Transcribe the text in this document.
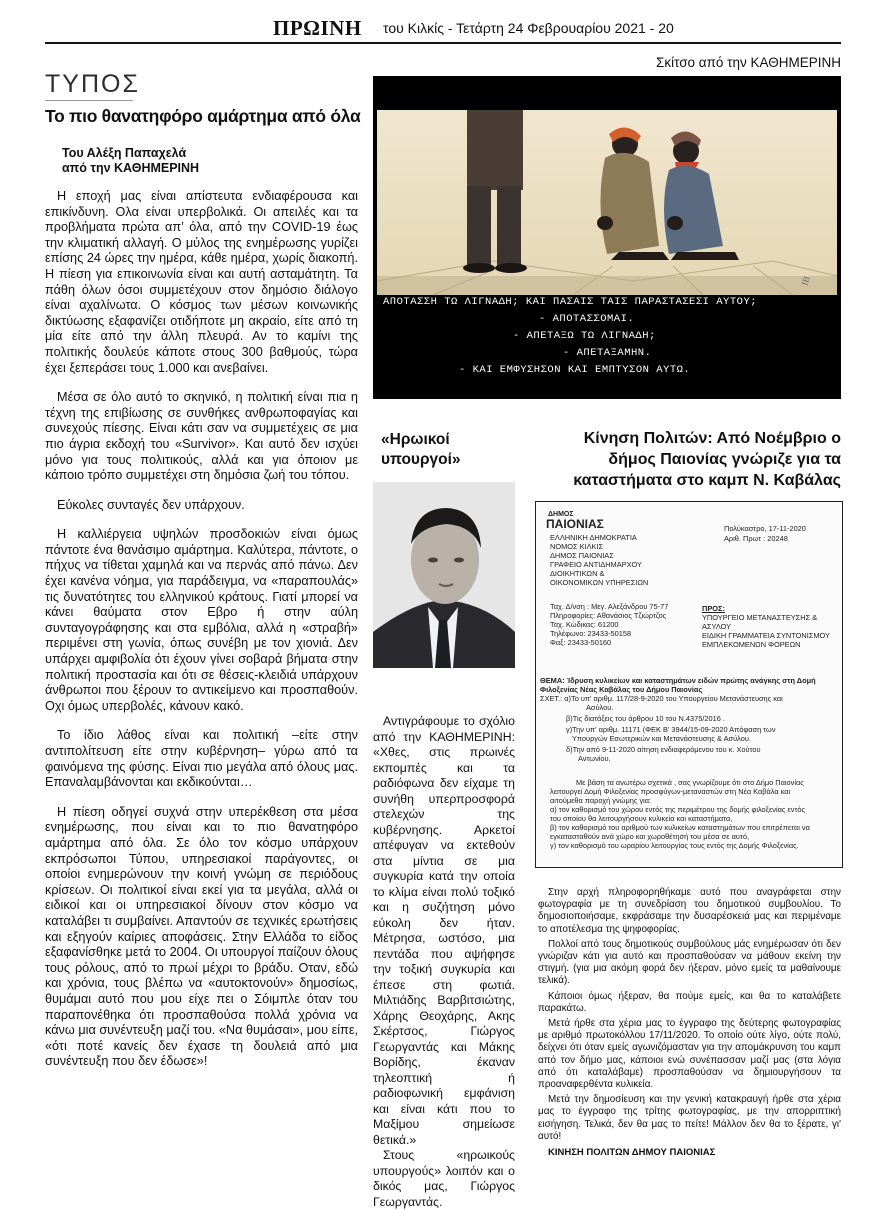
ΠΡΩΙΝΗ του Κιλκίς - Τετάρτη 24 Φεβρουαρίου 2021 - 20
Σκίτσο από την ΚΑΘΗΜΕΡΙΝΗ
ΤΥΠΟΣ
Το πιο θανατηφόρο αμάρτημα από όλα
Του Αλέξη Παπαχελά
από την ΚΑΘΗΜΕΡΙΝΗ

Η εποχή μας είναι απίστευτα ενδιαφέρουσα και επικίνδυνη. Ολα είναι υπερβολικά. Οι απειλές και τα προβλήματα πρώτα απ’ όλα, από την COVID-19 έως την κλιματική αλλαγή. Ο μύλος της ενημέρωσης γυρίζει επίσης 24 ώρες την ημέρα, κάθε ημέρα, χωρίς διακοπή. Η πίεση για επικοινωνία είναι και αυτή ασταμάτητη. Τα πάθη όλων όσοι συμμετέχουν στον δημόσιο διάλογο είναι αχαλίνωτα. Ο κόσμος των μέσων κοινωνικής δικτύωσης εξαφανίζει οτιδήποτε μη ακραίο, είτε από τη μία είτε από την άλλη πλευρά. Αν το καμίνι της πολιτικής δουλεύε κάποτε στους 300 βαθμούς, τώρα έχει ξεπεράσει τους 1.000 και ανεβαίνει.

Μέσα σε όλο αυτό το σκηνικό, η πολιτική είναι πια η τέχνη της επιβίωσης σε συνθήκες ανθρωποφαγίας και συνεχούς πίεσης. Είναι κάτι σαν να συμμετέχεις σε μια πιο άγρια εκδοχή του «Survivor». Και αυτό δεν ισχύει μόνο για τους πολιτικούς, αλλά και για όποιον με κάποιο τρόπο συμμετέχει στη δημόσια ζωή του τόπου.

Εύκολες συνταγές δεν υπάρχουν.

Η καλλιέργεια υψηλών προσδοκιών είναι όμως πάντοτε ένα θανάσιμο αμάρτημα. Καλύτερα, πάντοτε, ο πήχυς να τίθεται χαμηλά και να περνάς από πάνω. Δεν έχει κανένα νόημα, για παράδειγμα, να «παραπουλάς» τις δυνατότητες του ελληνικού κράτους. Γιατί μπορεί να κάνει θαύματα στον Εβρο ή στην αύλη συνταγογράφησης και στα εμβόλια, αλλά η «στραβή» περιμένει στη γωνία, όπως συνέβη με τον χιονιά. Δεν υπάρχει αμφιβολία ότι έχουν γίνει σοβαρά βήματα στην πολιτική προστασία και ότι σε θέσεις-κλειδιά υπάρχουν άνθρωποι που ξέρουν το αντικείμενο και προσπαθούν. Οχι όμως υπερβολές, κάνουν κακό.

Το ίδιο λάθος είναι και πολιτική –είτε στην αντιπολίτευση είτε στην κυβέρνηση– γύρω από τα φαινόμενα της φύσης. Είναι πιο μεγάλα από όλους μας. Επαναλαμβάνονται και εκδικούνται…

Η πίεση οδηγεί συχνά στην υπερέκθεση στα μέσα ενημέρωσης, που είναι και το πιο θανατηφόρο αμάρτημα από όλα. Σε όλο τον κόσμο υπάρχουν εκπρόσωποι Τύπου, υπηρεσιακοί παράγοντες, οι οποίοι ενημερώνουν την κοινή γνώμη σε περιόδους κρίσεων. Οι πολιτικοί είναι εκεί για τα μεγάλα, αλλά οι ειδικοί και οι υπηρεσιακοί δίνουν στον κόσμο να καταλάβει τι συμβαίνει. Απαντούν σε τεχνικές ερωτήσεις και εξηγούν καίριες αποφάσεις. Στην Ελλάδα το είδος εξαφανίσθηκε μετά το 2004. Οι υπουργοί παίζουν όλους τους ρόλους, από το πρωί μέχρι το βράδυ. Οταν, εδώ και χρόνια, τους βλέπω να «αυτοκτονούν» δημοσίως, θυμάμαι αυτό που μου είχε πει ο Σόιμπλε όταν του παραπονέθηκα ότι προσπαθούσα πολλά χρόνια να κάνω μια συνέντευξη μαζί του. «Να θυμάσαι», μου είπε, «ότι ποτέ κανείς δεν έχασε τη δουλειά από μια συνέντευξη που δεν έδωσε»!

IB
ΑΠΟΤΑΣΣΗ ΤΩ ΛΙΓΝΑΔΗ; ΚΑΙ ΠΑΣΑΙΣ ΤΑΙΣ ΠΑΡΑΣΤΑΣΕΣΙ ΑΥΤΟΥ;
- ΑΠΟΤΑΣΣΟΜΑΙ.
- ΑΠΕΤΑΞΩ ΤΩ ΛΙΓΝΑΔΗ;
- ΑΠΕΤΑΞΑΜΗΝ.
- ΚΑΙ ΕΜΦΥΣΗΣΟΝ ΚΑΙ ΕΜΠΤΥΣΟΝ ΑΥΤΩ.
«Ηρωικοί υπουργοί»

Αντιγράφουμε το σχόλιο από την ΚΑΘΗΜΕΡΙΝΗ: «Χθες, στις πρωινές εκπομπές και τα ραδιόφωνα δεν είχαμε τη συνήθη υπερπροσφορά στελεχών της κυβέρνησης. Αρκετοί απέφυγαν να εκτεθούν στα μίντια σε μια συγκυρία κατά την οποία το κλίμα είναι πολύ τοξικό και η συζήτηση μόνο εύκολη δεν ήταν. Μέτρησα, ωστόσο, μια πεντάδα που αψήφησε την τοξική συγκυρία και έπεσε στη φωτιά. Μιλτιάδης Βαρβιτσιώτης, Χάρης Θεοχάρης, Ακης Σκέρτσος, Γιώργος Γεωργαντάς και Μάκης Βορίδης, έκαναν τηλεοπτική ή ραδιοφωνική εμφάνιση και είναι κάτι που το Μαξίμου σημείωσε θετικά.»

Στους «ηρωικούς υπουργούς» λοιπόν και ο δικός μας, Γιώργος Γεωργαντάς.

Κίνηση Πολιτών: Από Νοέμβριο ο δήμος Παιονίας γνώριζε για τα καταστήματα στο καμπ Ν. Καβάλας
ΔΗΜΟΣ
ΠΑΙΟΝΙΑΣ
ΕΛΛΗΝΙΚΗ ΔΗΜΟΚΡΑΤΙΑ
ΝΟΜΟΣ ΚΙΛΚΙΣ
ΔΗΜΟΣ ΠΑΙΟΝΙΑΣ
ΓΡΑΦΕΙΟ ΑΝΤΙΔΗΜΑΡΧΟΥ
ΔΙΟΙΚΗΤΙΚΩΝ &
ΟΙΚΟΝΟΜΙΚΩΝ ΥΠΗΡΕΣΙΩΝ
Πολύκαστρο, 17-11-2020
Αριθ. Πρωτ : 20248
Ταχ. Δ/νση : Μεγ. Αλεξάνδρου 75-77
Πληροφορίες: Αθανάσιος Τζιώρτζος
Ταχ. Κώδικας: 61200
Τηλέφωνο: 23433-50158
Φαξ: 23433-50160
ΠΡΟΣ:
ΥΠΟΥΡΓΕΙΟ ΜΕΤΑΝΑΣΤΕΥΣΗΣ &
ΑΣΥΛΟΥ
ΕΙΔΙΚΗ ΓΡΑΜΜΑΤΕΙΑ ΣΥΝΤΟΝΙΣΜΟΥ
ΕΜΠΛΕΚΟΜΕΝΩΝ ΦΟΡΕΩΝ
ΘΕΜΑ: Ίδρυση κυλικείων και καταστημάτων ειδών πρώτης ανάγκης στη Δομή
Φιλοξενίας Νέας Καβάλας του Δήμου Παιονίας
ΣΧΕΤ.: α)Το υπ' αριθμ. 117/28-9-2020 του Υπουργείου Μετανάστευσης και
Ασύλου.
β)Τις διατάξεις του άρθρου 10 του Ν.4375/2016 .
γ)Την υπ' αριθμ. 11171 (ΦΕΚ Β' 3944/15-09-2020 Απόφαση των
Υπουργών Εσωτερικών και Μετανάστευσης & Ασύλου.
δ)Την από 9-11-2020 αίτηση ενδιαφερόμενου του κ. Χούτου
Αντωνίου.
Με βάση τα ανωτέρω σχετικά , σας γνωρίζουμε ότι στο Δήμο Παιονίας
λειτουργεί Δομή Φιλοξενίας προσφύγων-μεταναστών στη Νέα Καβάλα και
αιτούμεθα παροχή γνώμης για:
α) τον καθορισμό του χώρου εντός της περιμέτρου της δομής φιλοξενίας εντός
του οποίου θα λειτουργήσουν κυλικεία και καταστήματα,
β) τον καθορισμό του αριθμού των κυλικείων καταστημάτων που επιτρέπεται να
εγκατασταθούν ανά χώρο και χωροθέτησή του μέσα σε αυτό,
γ) τον καθορισμό του ωραρίου λειτουργίας τους εντός της Δομής Φιλοξενίας.

Στην αρχή πληροφορηθήκαμε αυτό που αναγράφεται στην φωτογραφία με τη συνεδρίαση του δημοτικού συμβουλίου. Το δημοσιοποιήσαμε, εκφράσαμε την δυσαρέσκειά μας και περιμέναμε το αποτέλεσμα της ψηφοφορίας.

Πολλοί από τους δημοτικούς συμβούλους μάς ενημέρωσαν ότι δεν γνώριζαν κάτι για αυτό και προσπαθούσαν να μάθουν εκείνη την στιγμή. (για μια ακόμη φορά δεν ήξεραν, μόνο εμείς τα μαθαίνουμε τελικά).

Κάποιοι όμως ήξεραν, θα πούμε εμείς, και θα το καταλάβετε παρακάτω.

Μετά ήρθε στα χέρια μας το έγγραφο της δεύτερης φωτογραφίας με αριθμό πρωτοκόλλου 17/11/2020. Το οποίο ούτε λίγο, ούτε πολύ, δείχνει ότι όταν εμείς αγωνιζόμασταν για την απομάκρυνση του καμπ από τον δήμο μας, κάποιοι ενώ συνέπασσαν μαζί μας (στα λόγια από ότι καταλάβαμε) προσπαθούσαν να δημιουργήσουν τα προαναφερθέντα κυλικεία.

Μετά την δημοσίευση και την γενική κατακραυγή ήρθε στα χέρια μας το έγγραφο της τρίτης φωτογραφίας, με την απορριπτική εισήγηση. Τελικά, δεν θα μας το πείτε! Μάλλον δεν θα το ξέρατε, γι' αυτό!

ΚΙΝΗΣΗ ΠΟΛΙΤΩΝ ΔΗΜΟΥ ΠΑΙΟΝΙΑΣ
